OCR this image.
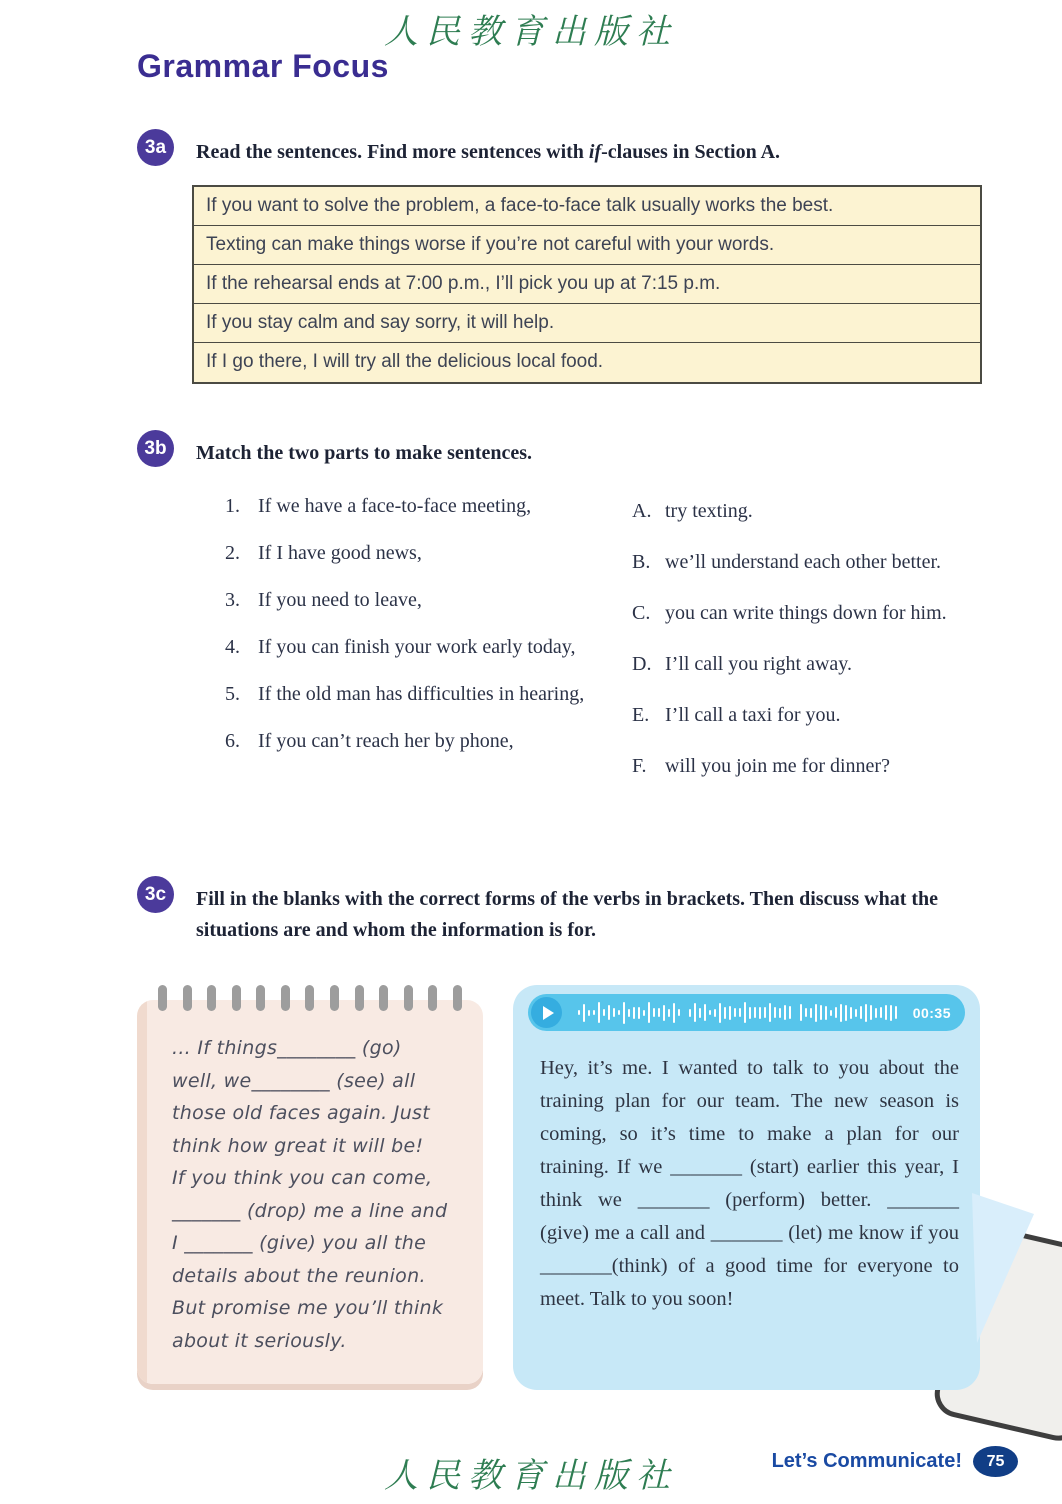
人民教育出版社
Grammar Focus
3a	Read the sentences. Find more sentences with if-clauses in Section A.
If you want to solve the problem, a face-to-face talk usually works the best.
Texting can make things worse if you’re not careful with your words.
If the rehearsal ends at 7:00 p.m., I’ll pick you up at 7:15 p.m.
If you stay calm and say sorry, it will help.
If I go there, I will try all the delicious local food.
3b	Match the two parts to make sentences.
1. If we have a face-to-face meeting,
2. If I have good news,
3. If you need to leave,
4. If you can finish your work early today,
5. If the old man has difficulties in hearing,
6. If you can’t reach her by phone,
A. try texting.
B. we’ll understand each other better.
C. you can write things down for him.
D. I’ll call you right away.
E. I’ll call a taxi for you.
F. will you join me for dinner?
3c	Fill in the blanks with the correct forms of the verbs in brackets. Then discuss what the situations are and whom the information is for.
... If things________ (go)
well, we________ (see) all
those old faces again. Just
think how great it will be!
If you think you can come,
_______ (drop) me a line and
I _______ (give) you all the
details about the reunion.
But promise me you’ll think
about it seriously.
00:35
Hey, it’s me. I wanted to talk to you about the training plan for our team. The new season is coming, so it’s time to make a plan for our training. If we _______ (start) earlier this year, I think we _______ (perform) better. _______ (give) me a call and _______ (let) me know if you _______(think) of a good time for everyone to meet. Talk to you soon!
Let’s Communicate!	75
人民教育出版社
